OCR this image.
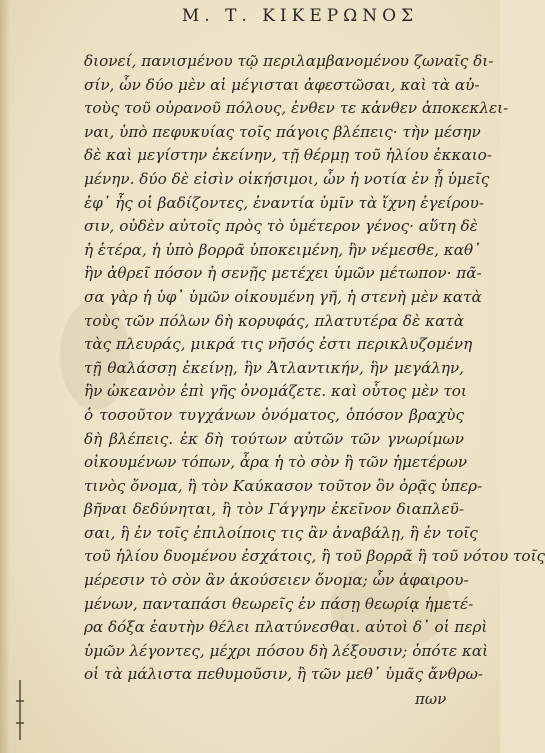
Μ. Τ. ΚΙΚΕΡΩΝΟΣ
διονεί, πανισμένου τῷ περιλαμβανομένου ζωναῖς δι-
σίν, ὧν δύο μὲν αἱ μέγισται ἀφεστῶσαι, καὶ τὰ αὐ-
τοὺς τοῦ οὐρανοῦ πόλους, ἐνθεν τε κἀνθεν ἀποκεκλει-
ναι, ὑπὸ πεφυκυίας τοῖς πάγοις βλέπεις· τὴν μέσην
δὲ καὶ μεγίστην ἐκείνην, τῇ θέρμῃ τοῦ ἡλίου ἐκκαιο-
μένην. δύο δὲ εἰσὶν οἰκήσιμοι, ὧν ἡ νοτία ἐν ᾗ ὑμεῖς
ἐφ᾽ ἧς οἱ βαδίζοντες, ἐναντία ὑμῖν τὰ ἴχνη ἐγείρου-
σιν, οὐδὲν αὐτοῖς πρὸς τὸ ὑμέτερον γένος· αὕτη δὲ
ἡ ἑτέρα, ἡ ὑπὸ βορρᾶ ὑποκειμένη, ἣν νέμεσθε, καθ᾽
ἣν ἀθρεῖ πόσον ἡ σενῇς μετέχει ὑμῶν μέτωπον· πᾶ-
σα γὰρ ἡ ὑφ᾽ ὑμῶν οἰκουμένη γῆ, ἡ στενὴ μὲν κατὰ
τοὺς τῶν πόλων δὴ κορυφάς, πλατυτέρα δὲ κατὰ
τὰς πλευράς, μικρά τις νῆσός ἐστι περικλυζομένη
τῇ θαλάσσῃ ἐκείνῃ, ἣν Ἀτλαντικήν, ἣν μεγάλην,
ἣν ὠκεανὸν ἐπὶ γῆς ὀνομάζετε. καὶ οὗτος μὲν τοι
ὁ τοσοῦτον τυγχάνων ὀνόματος, ὁπόσον βραχὺς
δὴ βλέπεις. ἐκ δὴ τούτων αὐτῶν τῶν γνωρίμων
οἰκουμένων τόπων, ἆρα ἡ τὸ σὸν ἢ τῶν ἡμετέρων
τινὸς ὄνομα, ἢ τὸν Καύκασον τοῦτον ὃν ὁρᾷς ὑπερ-
βῆναι δεδύνηται, ἢ τὸν Γάγγην ἐκεῖνον διαπλεῦ-
σαι, ἢ ἐν τοῖς ἐπιλοίποις τις ἂν ἀναβάλῃ, ἢ ἐν τοῖς
τοῦ ἡλίου δυομένου ἐσχάτοις, ἢ τοῦ βορρᾶ ἢ τοῦ νότου τοῖς
μέρεσιν τὸ σὸν ἂν ἀκούσειεν ὄνομα; ὧν ἀφαιρου-
μένων, πανταπάσι θεωρεῖς ἐν πάσῃ θεωρίᾳ ἡμετέ-
ρα δόξα ἑαυτὴν θέλει πλατύνεσθαι. αὐτοὶ δ᾽ οἱ περὶ
ὑμῶν λέγοντες, μέχρι πόσου δὴ λέξουσιν; ὁπότε καὶ
οἱ τὰ μάλιστα πεθυμοῦσιν, ἢ τῶν μεθ᾽ ὑμᾶς ἄνθρω-
πων
